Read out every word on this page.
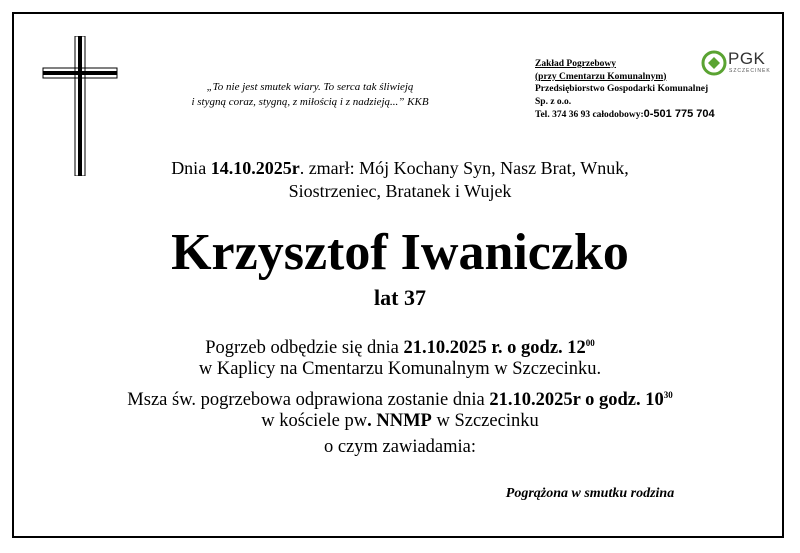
„To nie jest smutek wiary. To serca tak śliwieją
i stygną coraz, stygną, z miłością i z nadzieją...” KKB
PGK
SZCZECINEK
Zakład Pogrzebowy
(przy Cmentarzu Komunalnym)
Przedsiębiorstwo Gospodarki Komunalnej
Sp. z o.o.
Tel. 374 36 93 całodobowy:0-501 775 704
Dnia 14.10.2025r. zmarł: Mój Kochany Syn, Nasz Brat, Wnuk,
Siostrzeniec, Bratanek i Wujek
Krzysztof Iwaniczko
lat 37
Pogrzeb odbędzie się dnia 21.10.2025 r. o godz. $12^{00}$
w Kaplicy na Cmentarzu Komunalnym w Szczecinku.
Msza św. pogrzebowa odprawiona zostanie dnia 21.10.2025r o godz. $10^{30}$
w kościele pw. NNMP w Szczecinku
o czym zawiadamia:
Pogrążona w smutku rodzina
